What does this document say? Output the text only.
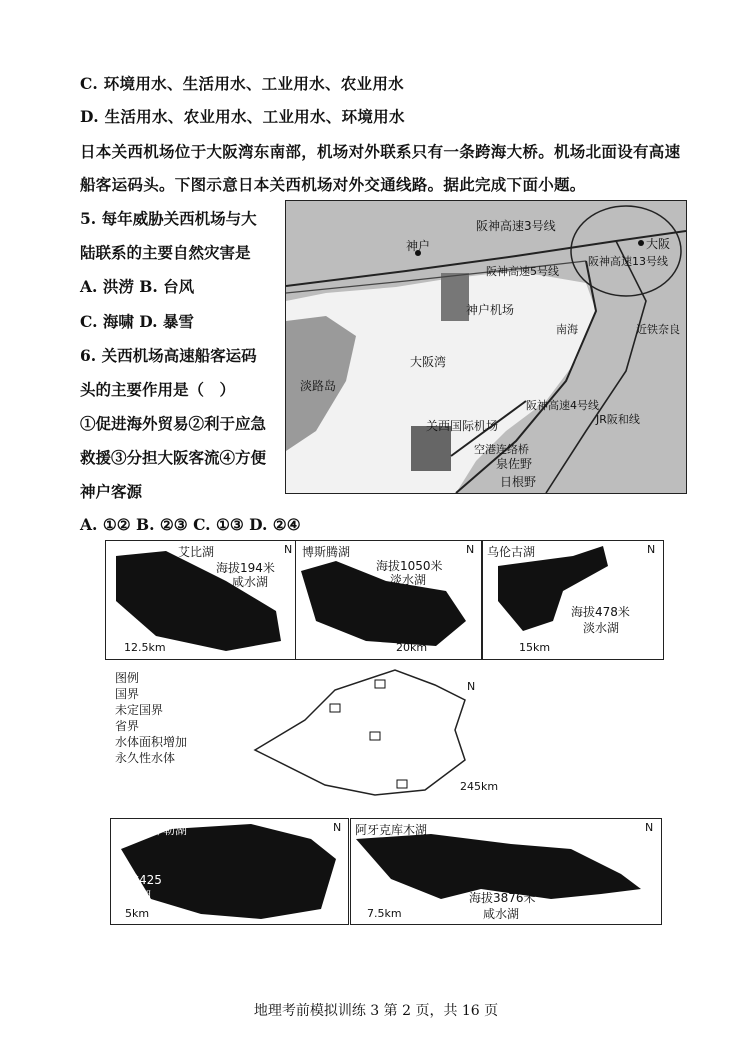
C. 环境用水、生活用水、工业用水、农业用水
D. 生活用水、农业用水、工业用水、环境用水
日本关西机场位于大阪湾东南部，机场对外联系只有一条跨海大桥。机场北面设有高速
船客运码头。下图示意日本关西机场对外交通线路。据此完成下面小题。
5. 每年威胁关西机场与大
陆联系的主要自然灾害是
A. 洪涝 B. 台风
C. 海啸 D. 暴雪
6. 关西机场高速船客运码
头的主要作用是（　）
①促进海外贸易②利于应急
救援③分担大阪客流④方便
神户客源
A. ①② B. ②③ C. ①③ D. ②④
神户
阪神高速3号线
大阪
阪神高速13号线
阪神高速5号线
神户机场
大阪湾
淡路岛
关西国际机场
阪神高速4号线
泉佐野
日根野
近铁奈良
JR阪和线
南海
空港连络桥
艾比湖
海拔194米
咸水湖
12.5km
N 博斯腾湖
海拔1050米
淡水湖
20km
N 乌伦古湖
海拔478米
淡水湖
15km
N
图例
国界
未定国界
省界
水体面积增加
永久性水体
245km
N
阿其克库勒湖
海拔425
咸水湖
5km
N 阿牙克库木湖
海拔3876米
咸水湖
7.5km
N
地理考前模拟训练 3 第 2 页，共 16 页
